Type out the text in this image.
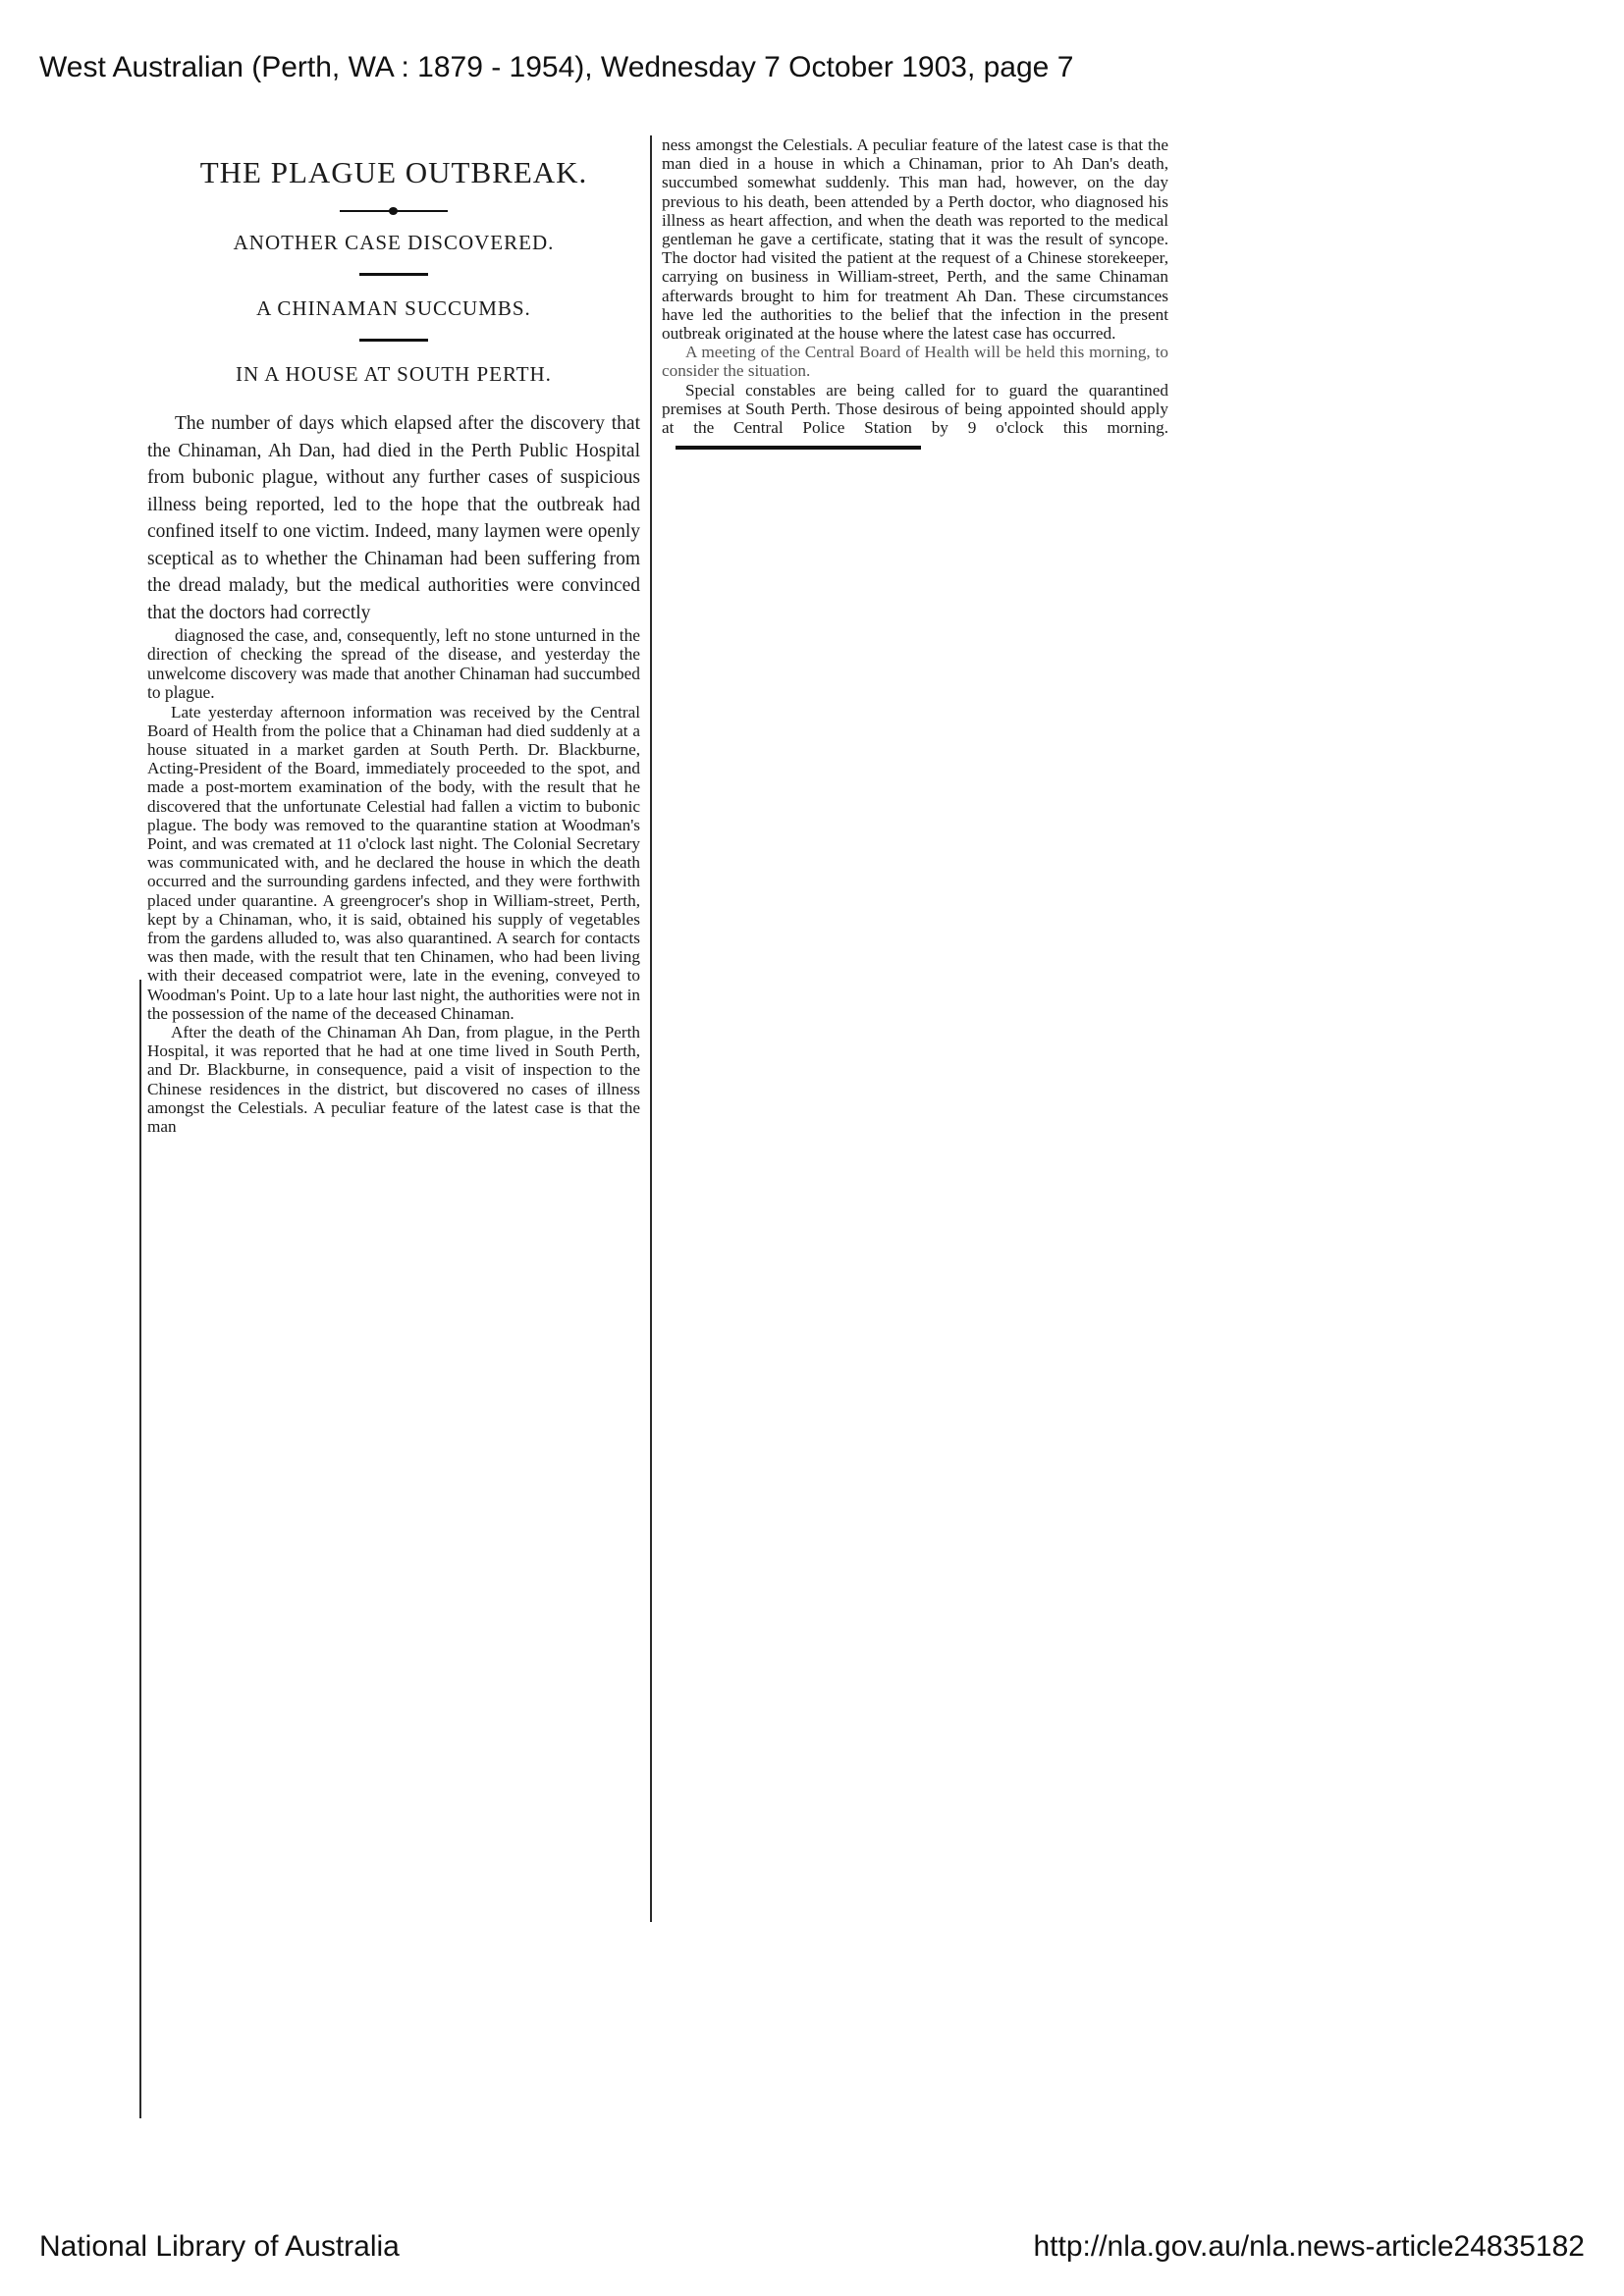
West Australian (Perth, WA : 1879 - 1954), Wednesday 7 October 1903, page 7
THE PLAGUE OUTBREAK.
ANOTHER CASE DISCOVERED.
A CHINAMAN SUCCUMBS.
IN A HOUSE AT SOUTH PERTH.
The number of days which elapsed after the discovery that the Chinaman, Ah Dan, had died in the Perth Public Hospital from bubonic plague, without any further cases of suspicious illness being reported, led to the hope that the outbreak had confined itself to one victim. Indeed, many laymen were openly sceptical as to whether the Chinaman had been suffering from the dread malady, but the medical authorities were convinced that the doctors had correctly
diagnosed the case, and, consequently, left no stone unturned in the direction of checking the spread of the disease, and yesterday the unwelcome discovery was made that another Chinaman had succumbed to plague.

Late yesterday afternoon information was received by the Central Board of Health from the police that a Chinaman had died suddenly at a house situated in a market garden at South Perth. Dr. Blackburne, Acting-President of the Board, immediately proceeded to the spot, and made a post-mortem examination of the body, with the result that he discovered that the unfortunate Celestial had fallen a victim to bubonic plague. The body was removed to the quarantine station at Woodman's Point, and was cremated at 11 o'clock last night. The Colonial Secretary was communicated with, and he declared the house in which the death occurred and the surrounding gardens infected, and they were forthwith placed under quarantine. A greengrocer's shop in William-street, Perth, kept by a Chinaman, who, it is said, obtained his supply of vegetables from the gardens alluded to, was also quarantined. A search for contacts was then made, with the result that ten Chinamen, who had been living with their deceased compatriot were, late in the evening, conveyed to Woodman's Point. Up to a late hour last night, the authorities were not in the possession of the name of the deceased Chinaman.

After the death of the Chinaman Ah Dan, from plague, in the Perth Hospital, it was reported that he had at one time lived in South Perth, and Dr. Blackburne, in consequence, paid a visit of inspection to the Chinese residences in the district, but discovered no cases of illness amongst the Celestials. A peculiar feature of the latest case is that the man

ness amongst the Celestials. A peculiar feature of the latest case is that the man died in a house in which a Chinaman, prior to Ah Dan's death, succumbed somewhat suddenly. This man had, however, on the day previous to his death, been attended by a Perth doctor, who diagnosed his illness as heart affection, and when the death was reported to the medical gentleman he gave a certificate, stating that it was the result of syncope. The doctor had visited the patient at the request of a Chinese storekeeper, carrying on business in William-street, Perth, and the same Chinaman afterwards brought to him for treatment Ah Dan. These circumstances have led the authorities to the belief that the infection in the present outbreak originated at the house where the latest case has occurred.

A meeting of the Central Board of Health will be held this morning, to consider the situation.

Special constables are being called for to guard the quarantined premises at South Perth. Those desirous of being appointed should apply at the Central Police Station by 9 o'clock this morning.

National Library of Australia	http://nla.gov.au/nla.news-article24835182
